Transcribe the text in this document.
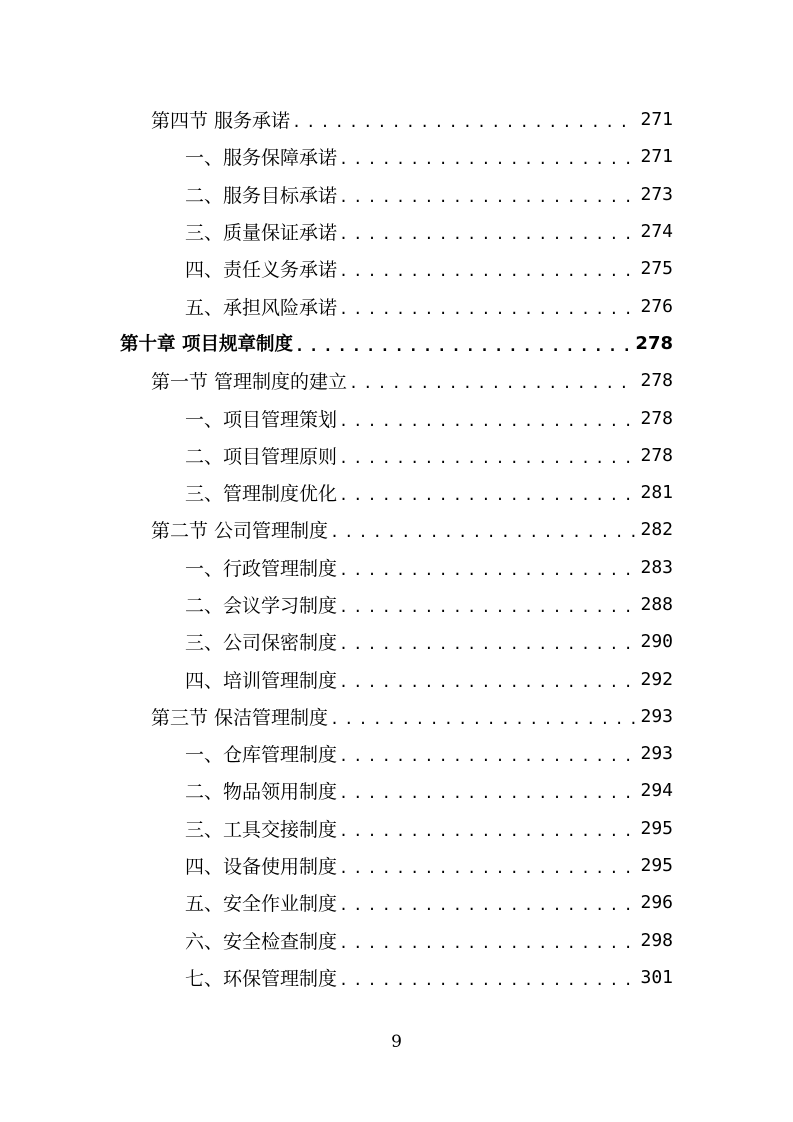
第四节 服务承诺 .....	271
一、服务保障承诺 .....	271
二、服务目标承诺 .....	273
三、质量保证承诺 .....	274
四、责任义务承诺 .....	275
五、承担风险承诺 .....	276
第十章 项目规章制度 .....	278
第一节 管理制度的建立 .....	278
一、项目管理策划 .....	278
二、项目管理原则 .....	278
三、管理制度优化 .....	281
第二节 公司管理制度 .....	282
一、行政管理制度 .....	283
二、会议学习制度 .....	288
三、公司保密制度 .....	290
四、培训管理制度 .....	292
第三节 保洁管理制度 .....	293
一、仓库管理制度 .....	293
二、物品领用制度 .....	294
三、工具交接制度 .....	295
四、设备使用制度 .....	295
五、安全作业制度 .....	296
六、安全检查制度 .....	298
七、环保管理制度 .....	301
9
